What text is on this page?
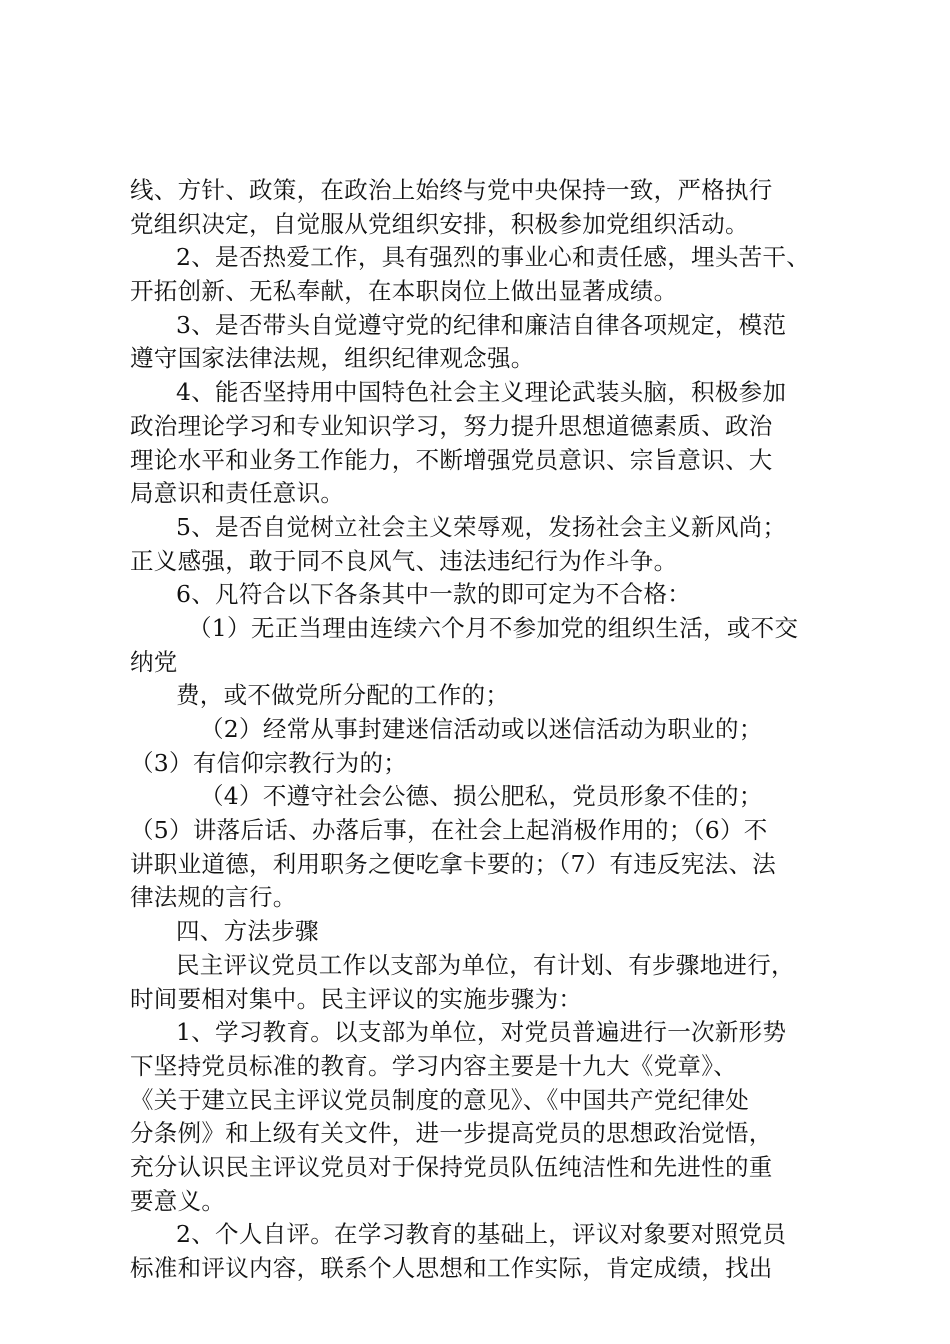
线、方针、政策，在政治上始终与党中央保持一致，严格执行
党组织决定，自觉服从党组织安排，积极参加党组织活动。
2、是否热爱工作，具有强烈的事业心和责任感，埋头苦干、
开拓创新、无私奉献，在本职岗位上做出显著成绩。
3、是否带头自觉遵守党的纪律和廉洁自律各项规定，模范
遵守国家法律法规，组织纪律观念强。
4、能否坚持用中国特色社会主义理论武装头脑，积极参加
政治理论学习和专业知识学习，努力提升思想道德素质、政治
理论水平和业务工作能力，不断增强党员意识、宗旨意识、大
局意识和责任意识。
5、是否自觉树立社会主义荣辱观，发扬社会主义新风尚；
正义感强，敢于同不良风气、违法违纪行为作斗争。
6、凡符合以下各条其中一款的即可定为不合格：
（1）无正当理由连续六个月不参加党的组织生活，或不交
纳党
费，或不做党所分配的工作的；
（2）经常从事封建迷信活动或以迷信活动为职业的；
（3）有信仰宗教行为的；
（4）不遵守社会公德、损公肥私，党员形象不佳的；
（5）讲落后话、办落后事，在社会上起消极作用的；（6）不
讲职业道德，利用职务之便吃拿卡要的；（7）有违反宪法、法
律法规的言行。
四、方法步骤
民主评议党员工作以支部为单位，有计划、有步骤地进行，
时间要相对集中。民主评议的实施步骤为：
1、学习教育。以支部为单位，对党员普遍进行一次新形势
下坚持党员标准的教育。学习内容主要是十九大《党章》、
《关于建立民主评议党员制度的意见》、《中国共产党纪律处
分条例》和上级有关文件，进一步提高党员的思想政治觉悟，
充分认识民主评议党员对于保持党员队伍纯洁性和先进性的重
要意义。
2、个人自评。在学习教育的基础上，评议对象要对照党员
标准和评议内容，联系个人思想和工作实际，肯定成绩，找出
